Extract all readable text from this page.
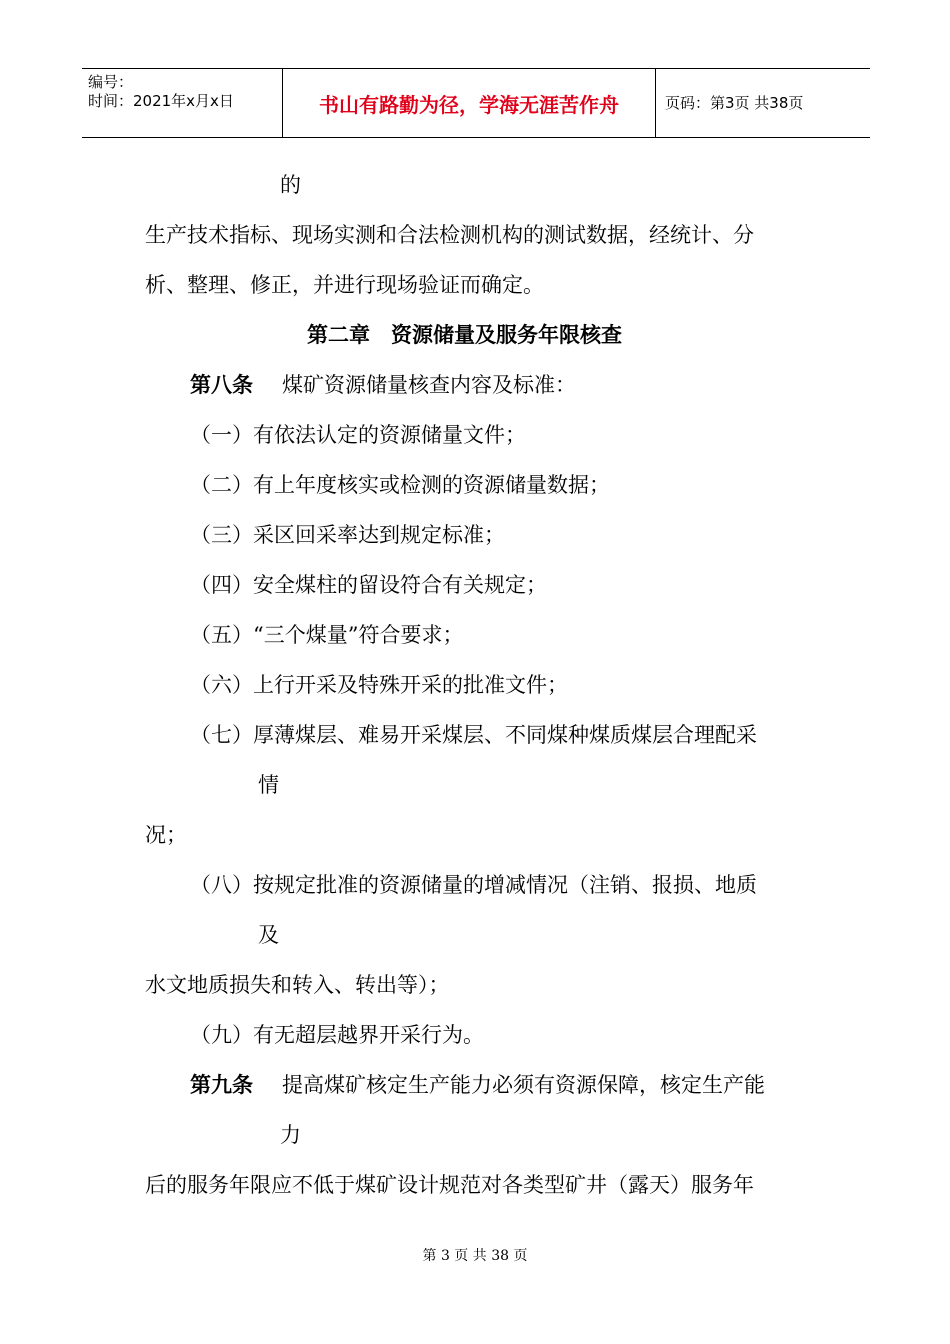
编号：
时间：2021年x月x日	书山有路勤为径，学海无涯苦作舟	页码：第3页 共38页
的
生产技术指标、现场实测和合法检测机构的测试数据，经统计、分
析、整理、修正，并进行现场验证而确定。
第二章　资源储量及服务年限核查
第八条 煤矿资源储量核查内容及标准：
（一）有依法认定的资源储量文件；
（二）有上年度核实或检测的资源储量数据；
（三）采区回采率达到规定标准；
（四）安全煤柱的留设符合有关规定；
（五）“三个煤量”符合要求；
（六）上行开采及特殊开采的批准文件；
（七）厚薄煤层、难易开采煤层、不同煤种煤质煤层合理配采
情
况；
（八）按规定批准的资源储量的增减情况（注销、报损、地质
及
水文地质损失和转入、转出等）；
（九）有无超层越界开采行为。
第九条 提高煤矿核定生产能力必须有资源保障，核定生产能
力
后的服务年限应不低于煤矿设计规范对各类型矿井（露天）服务年
第 3 页 共 38 页
